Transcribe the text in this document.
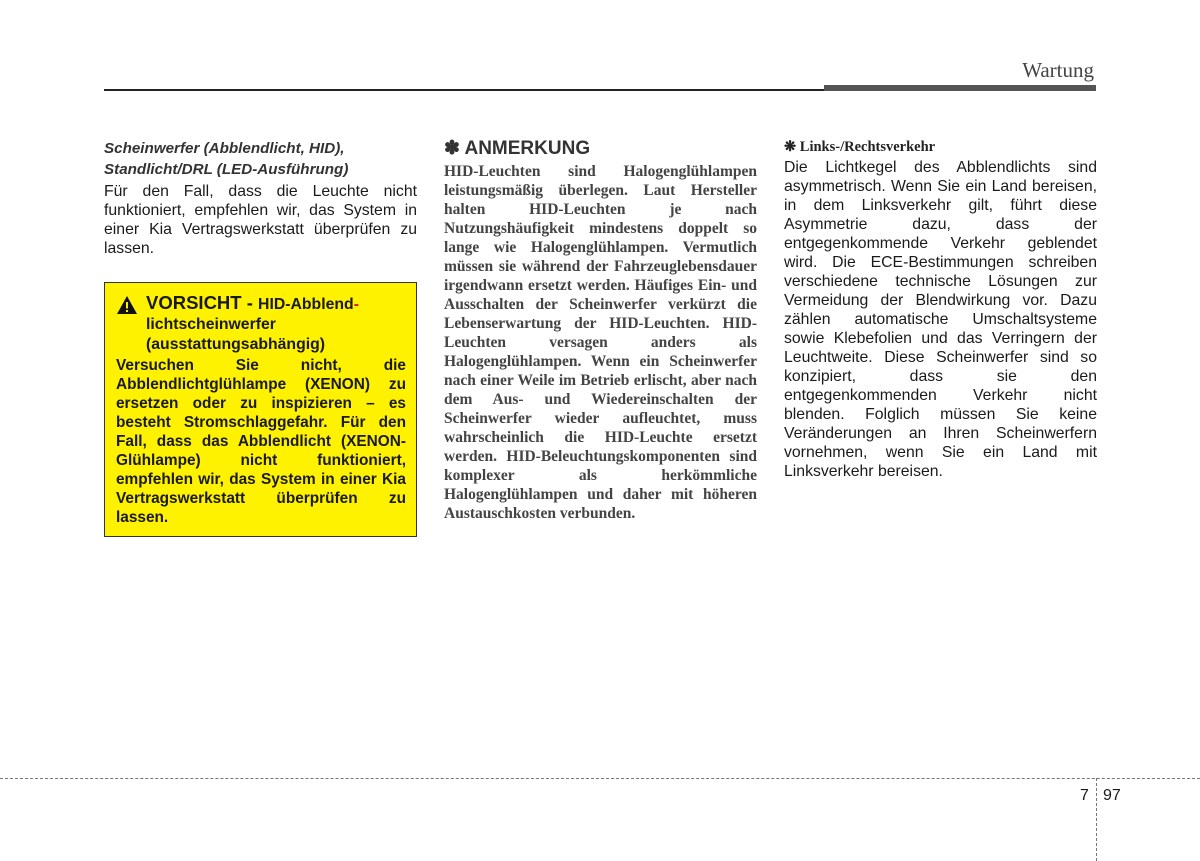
Wartung

Scheinwerfer (Abblendlicht, HID),
Standlicht/DRL (LED-Ausführung)

Für den Fall, dass die Leuchte nicht funktioniert, empfehlen wir, das System in einer Kia Vertragswerkstatt überprüfen zu lassen.

VORSICHT - HID-Abblend-
lichtscheinwerfer
(ausstattungsabhängig)
Versuchen Sie nicht, die Abblendlichtglühlampe (XENON) zu ersetzen oder zu inspizieren – es besteht Stromschlaggefahr. Für den Fall, dass das Abblendlicht (XENON-Glühlampe) nicht funktioniert, empfehlen wir, das System in einer Kia Vertragswerkstatt überprüfen zu lassen.
✽ ANMERKUNG

HID-Leuchten sind Halogenglühlampen leistungsmäßig überlegen. Laut Hersteller halten HID-Leuchten je nach Nutzungshäufigkeit mindestens doppelt so lange wie Halogenglühlampen. Vermutlich müssen sie während der Fahrzeuglebensdauer irgendwann ersetzt werden. Häufiges Ein- und Ausschalten der Scheinwerfer verkürzt die Lebenserwartung der HID-Leuchten. HID-Leuchten versagen anders als Halogenglühlampen. Wenn ein Scheinwerfer nach einer Weile im Betrieb erlischt, aber nach dem Aus- und Wiedereinschalten der Scheinwerfer wieder aufleuchtet, muss wahrscheinlich die HID-Leuchte ersetzt werden. HID-Beleuchtungskomponenten sind komplexer als herkömmliche Halogenglühlampen und daher mit höheren Austauschkosten verbunden.

❋ Links-/Rechtsverkehr

Die Lichtkegel des Abblendlichts sind asymmetrisch. Wenn Sie ein Land bereisen, in dem Linksverkehr gilt, führt diese Asymmetrie dazu, dass der entgegenkommende Verkehr geblendet wird. Die ECE-Bestimmungen schreiben verschiedene technische Lösungen zur Vermeidung der Blendwirkung vor. Dazu zählen automatische Umschaltsysteme sowie Klebefolien und das Verringern der Leuchtweite. Diese Scheinwerfer sind so konzipiert, dass sie den entgegenkommenden Verkehr nicht blenden. Folglich müssen Sie keine Veränderungen an Ihren Scheinwerfern vornehmen, wenn Sie ein Land mit Linksverkehr bereisen.

7 97
